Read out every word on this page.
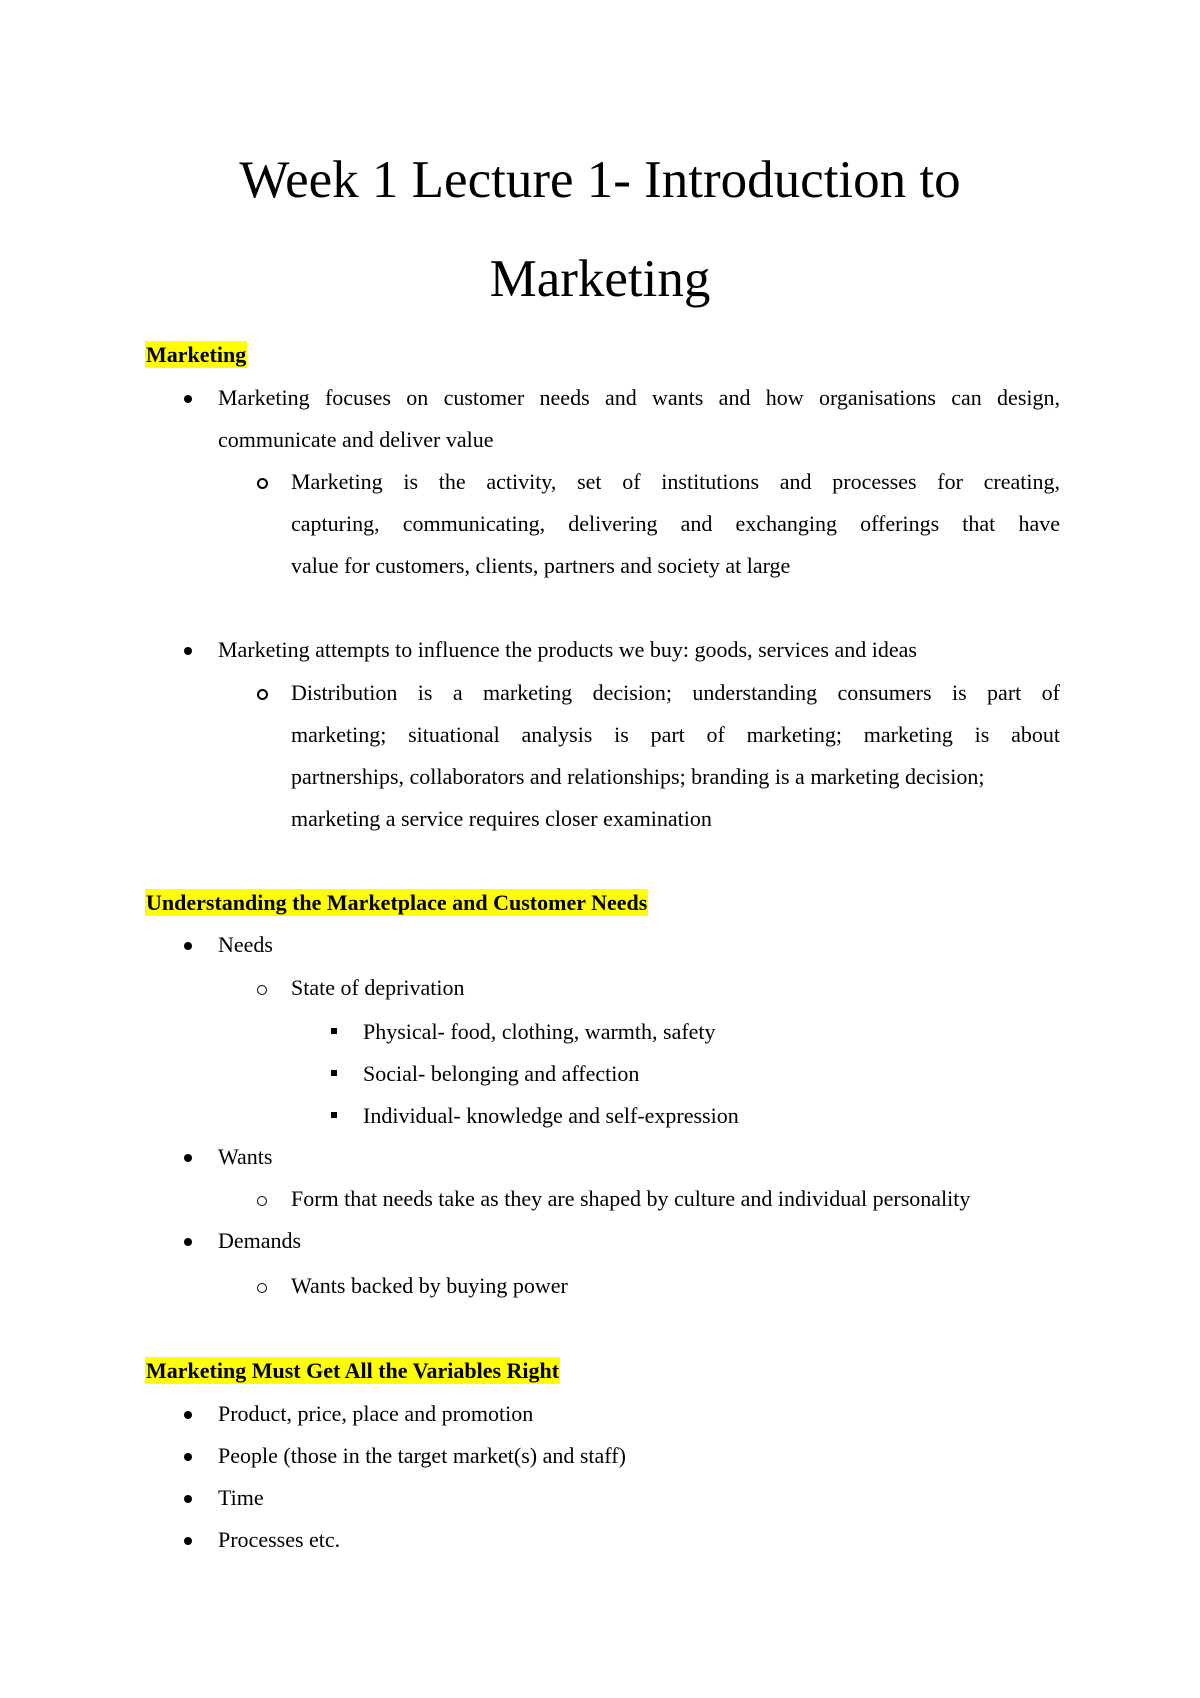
Week 1 Lecture 1- Introduction to
Marketing
Marketing
Marketing focuses on customer needs and wants and how organisations can design,
communicate and deliver value
Marketing is the activity, set of institutions and processes for creating,
capturing, communicating, delivering and exchanging offerings that have
value for customers, clients, partners and society at large
Marketing attempts to influence the products we buy: goods, services and ideas
Distribution is a marketing decision; understanding consumers is part of
marketing; situational analysis is part of marketing; marketing is about
partnerships, collaborators and relationships; branding is a marketing decision;
marketing a service requires closer examination
Understanding the Marketplace and Customer Needs
Needs
State of deprivation
Physical- food, clothing, warmth, safety
Social- belonging and affection
Individual- knowledge and self-expression
Wants
Form that needs take as they are shaped by culture and individual personality
Demands
Wants backed by buying power
Marketing Must Get All the Variables Right
Product, price, place and promotion
People (those in the target market(s) and staff)
Time
Processes etc.
